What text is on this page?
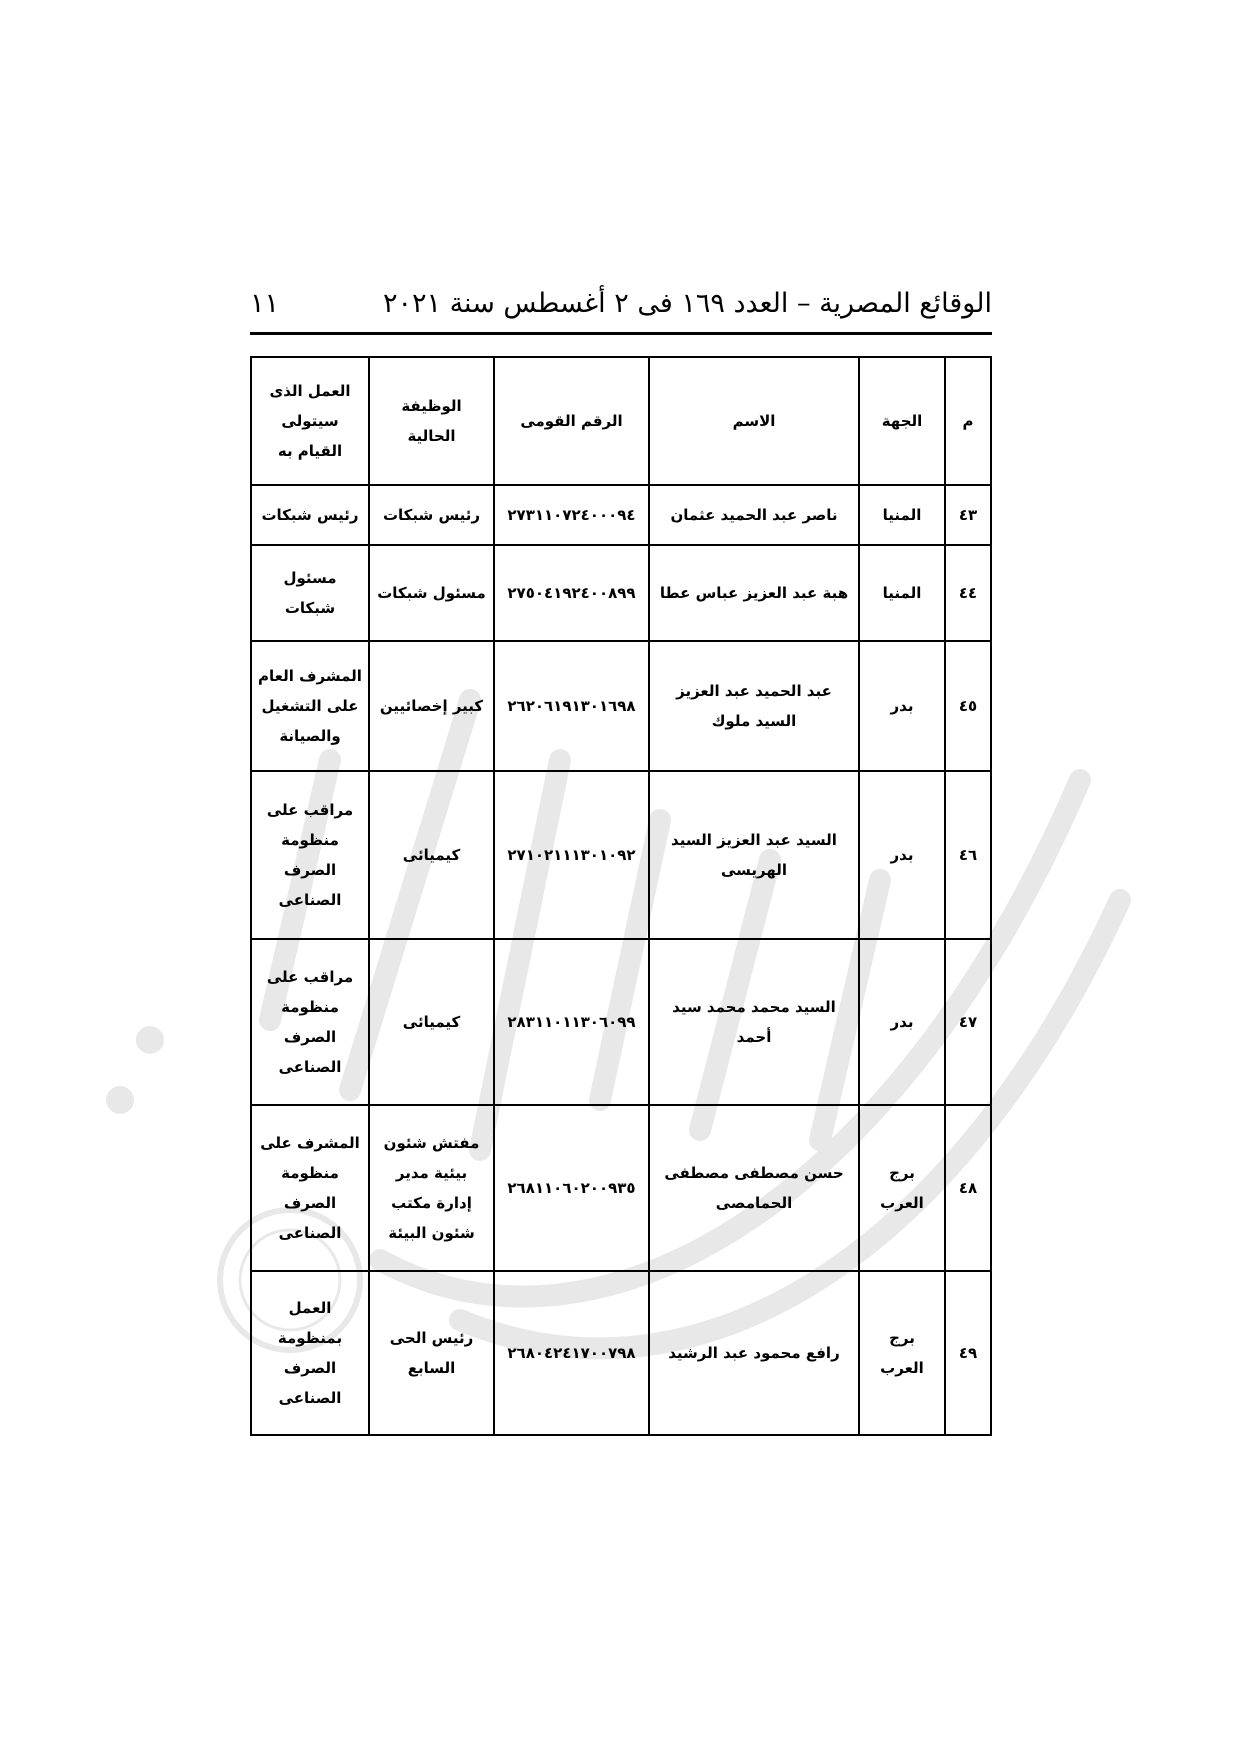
الوقائع المصرية – العدد ١٦٩ فى ٢ أغسطس سنة ٢٠٢١
١١
م	الجهة	الاسم	الرقم القومى	الوظيفة الحالية	العمل الذى سيتولى القيام به
٤٣	المنيا	ناصر عبد الحميد عثمان	٢٧٣١١٠٧٢٤٠٠٠٩٤	رئيس شبكات	رئيس شبكات
٤٤	المنيا	هبة عبد العزيز عباس عطا	٢٧٥٠٤١٩٢٤٠٠٨٩٩	مسئول شبكات	مسئول شبكات
٤٥	بدر	عبد الحميد عبد العزيز السيد ملوك	٢٦٢٠٦١٩١٣٠١٦٩٨	كبير إخصائيين	المشرف العام على التشغيل والصيانة
٤٦	بدر	السيد عبد العزيز السيد الهريسى	٢٧١٠٢١١١٣٠١٠٩٢	كيميائى	مراقب على منظومة الصرف الصناعى
٤٧	بدر	السيد محمد محمد سيد أحمد	٢٨٣١١٠١١٣٠٦٠٩٩	كيميائى	مراقب على منظومة الصرف الصناعى
٤٨	برج العرب	حسن مصطفى مصطفى الحمامصى	٢٦٨١١٠٦٠٢٠٠٩٣٥	مفتش شئون بيئية مدير إدارة مكتب شئون البيئة	المشرف على منظومة الصرف الصناعى
٤٩	برج العرب	رافع محمود عبد الرشيد	٢٦٨٠٤٢٤١٧٠٠٧٩٨	رئيس الحى السابع	العمل بمنظومة الصرف الصناعى
